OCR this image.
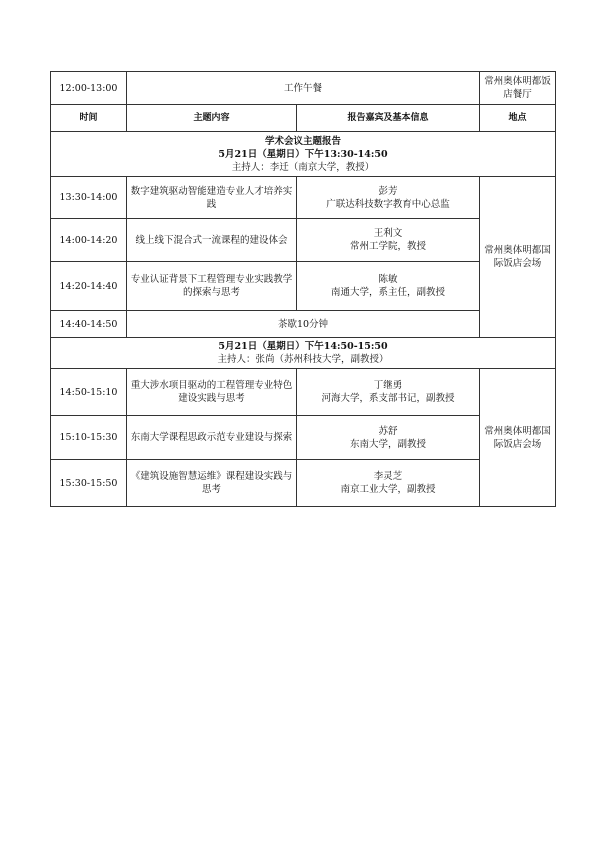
12:00-13:00	工作午餐		常州奥体明都饭店餐厅
时间	主题内容	报告嘉宾及基本信息	地点

学术会议主题报告
5月21日（星期日）下午13:30-14:50
主持人：李迁（南京大学，教授）			

13:30-14:00	数字建筑驱动智能建造专业人才培养实践	彭芳
广联达科技数字教育中心总监	常州奥体明都国际饭店会场
14:00-14:20	线上线下混合式一流课程的建设体会	王利文
常州工学院，教授	

14:20-14:40	专业认证背景下工程管理专业实践教学的探索与思考	陈敏
南通大学，系主任，副教授	

14:40-14:50	茶歇10分钟		

5月21日（星期日）下午14:50-15:50
主持人：张尚（苏州科技大学，副教授）			

14:50-15:10	重大涉水项目驱动的工程管理专业特色建设实践与思考	丁继勇
河海大学，系支部书记，副教授	常州奥体明都国际饭店会场
15:10-15:30	东南大学课程思政示范专业建设与探索	苏舒
东南大学，副教授	

15:30-15:50	《建筑设施智慧运维》课程建设实践与思考	李灵芝
南京工业大学，副教授	
